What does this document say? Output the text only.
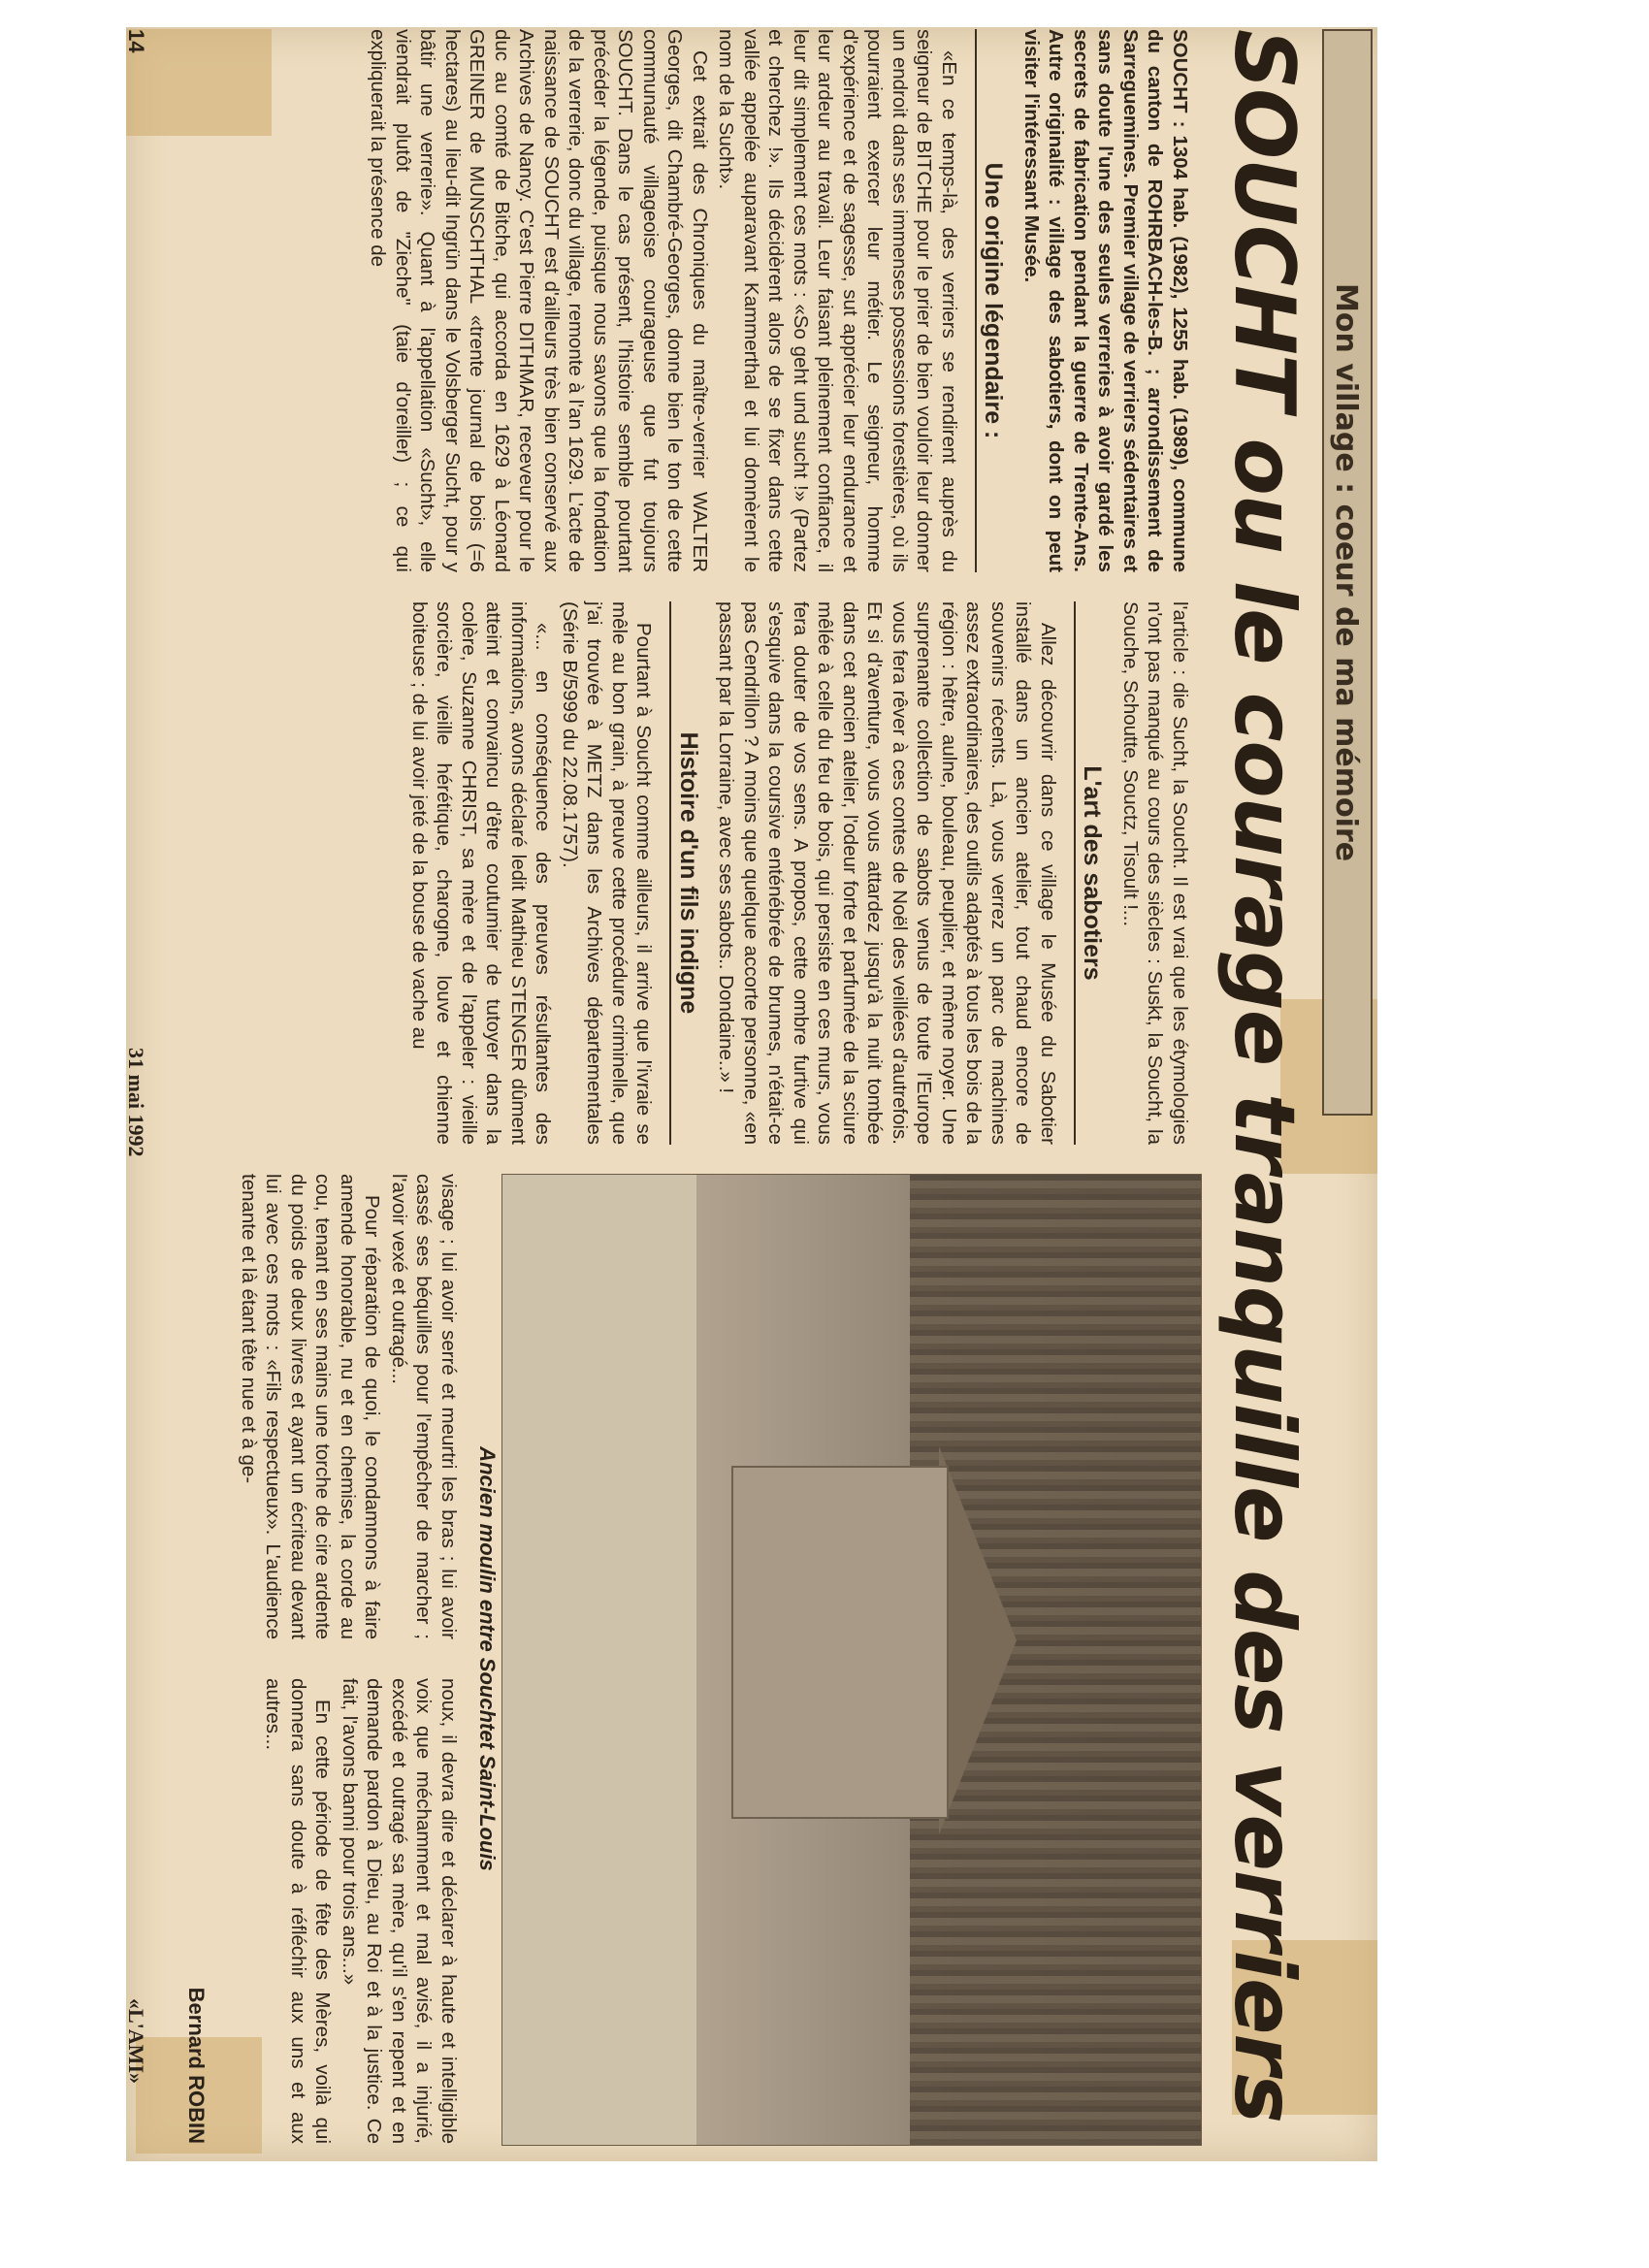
Mon village : coeur de ma mémoire
SOUCHT ou le courage tranquille des verriers

SOUCHT : 1304 hab. (1982), 1255 hab. (1989), commune du canton de ROHRBACH-les-B. ; arrondissement de Sarreguemines. Premier village de verriers sédentaires et sans doute l'une des seules verreries à avoir gardé les secrets de fabrication pendant la guerre de Trente-Ans. Autre originalité : village des sabotiers, dont on peut visiter l'intéressant Musée.

Une origine légendaire :

«En ce temps-là, des verriers se rendirent auprès du seigneur de BITCHE pour le prier de bien vouloir leur donner un endroit dans ses immenses possessions forestières, où ils pourraient exercer leur métier. Le seigneur, homme d'expérience et de sagesse, sut apprécier leur endurance et leur ardeur au travail. Leur faisant pleinement confiance, il leur dit simplement ces mots : «So geht und sucht !» (Partez et cherchez !». Ils décidèrent alors de se fixer dans cette vallée appelée auparavant Kammerthal et lui donnèrent le nom de la Sucht».

Cet extrait des Chroniques du maître-verrier WALTER Georges, dit Chambré-Georges, donne bien le ton de cette communauté villageoise courageuse que fut toujours SOUCHT. Dans le cas présent, l'histoire semble pourtant précéder la légende, puisque nous savons que la fondation de la verrerie, donc du village, remonte à l'an 1629. L'acte de naissance de SOUCHT est d'ailleurs très bien conservé aux Archives de Nancy. C'est Pierre DITHMAR, receveur pour le duc au comté de Bitche, qui accorda en 1629 à Léonard GREINER de MUNSCHTHAL «trente journal de bois (=6 hectares) au lieu-dit Ingrün dans le Volsberger Sucht, pour y bâtir une verrerie». Quant à l'appellation «Sucht», elle viendrait plutôt de "Zieche" (taie d'oreiller) ; ce qui expliquerait la présence de

l'article : die Sucht, la Soucht. Il est vrai que les étymologies n'ont pas manqué au cours des siècles : Suskt, la Soucht, la Souche, Schoutte, Souctz, Tisoult !...

L'art des sabotiers

Allez découvrir dans ce village le Musée du Sabotier installé dans un ancien atelier, tout chaud encore de souvenirs récents. Là, vous verrez un parc de machines assez extraordinaires, des outils adaptés à tous les bois de la région : hêtre, aulne, bouleau, peuplier, et même noyer. Une surprenante collection de sabots venus de toute l'Europe vous fera rêver à ces contes de Noël des veillées d'autrefois. Et si d'aventure, vous vous attardez jusqu'à la nuit tombée dans cet ancien atelier, l'odeur forte et parfumée de la sciure mêlée à celle du feu de bois, qui persiste en ces murs, vous fera douter de vos sens. A propos, cette ombre furtive qui s'esquive dans la coursive enténébrée de brumes, n'était-ce pas Cendrillon ? A moins que quelque accorte personne, «en passant par la Lorraine, avec ses sabots.. Dondaine..» !

Histoire d'un fils indigne

Pourtant à Soucht comme ailleurs, il arrive que l'ivraie se mêle au bon grain, à preuve cette procédure criminelle, que j'ai trouvée à METZ dans les Archives départementales (Série B/5999 du 22.08.1757).

«... en conséquence des preuves résultantes des informations, avons déclaré ledit Mathieu STENGER dûment atteint et convaincu d'être coutumier de tutoyer dans la colère, Suzanne CHRIST, sa mère et de l'appeler : vieille sorcière, vieille hérétique, charogne, louve et chienne boiteuse ; de lui avoir jeté de la bouse de vache au

Ancien moulin entre Souchtet Saint-Louis

visage ; lui avoir serré et meurtri les bras ; lui avoir cassé ses béquilles pour l'empêcher de marcher ; l'avoir vexé et outragé...

Pour réparation de quoi, le condamnons à faire amende honorable, nu et en chemise, la corde au cou, tenant en ses mains une torche de cire ardente du poids de deux livres et ayant un écriteau devant lui avec ces mots : «Fils respectueux». L'audience tenante et là étant tête nue et à ge-

noux, il devra dire et déclarer à haute et intelligible voix que méchamment et mal avisé, il a injurié, excédé et outragé sa mère, qu'il s'en repent et en demande pardon à Dieu, au Roi et à la justice. Ce fait, l'avons banni pour trois ans...»

En cette période de fête des Mères, voilà qui donnera sans doute à réfléchir aux uns et aux autres...

Bernard ROBIN
14
31 mai 1992
«L'AMI»
